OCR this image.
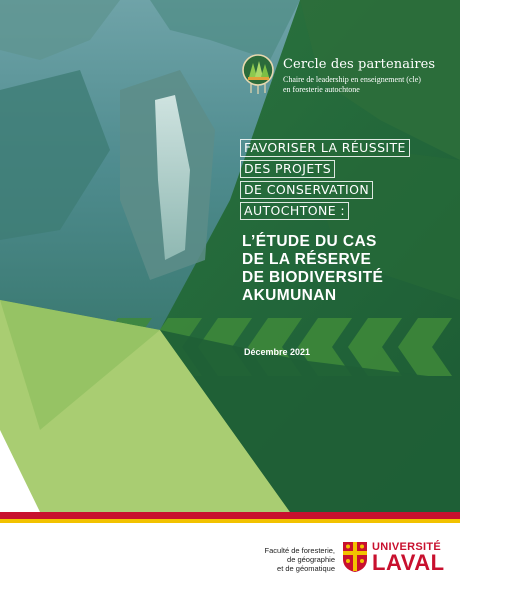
Cercle des partenaires
Chaire de leadership en enseignement (cle)
en foresterie autochtone
FAVORISER LA RÉUSSITE
DES PROJETS
DE CONSERVATION
AUTOCHTONE :
L’ÉTUDE DU CAS
DE LA RÉSERVE
DE BIODIVERSITÉ
AKUMUNAN
Décembre 2021
Faculté de foresterie,
de géographie
et de géomatique
UNIVERSITÉ
LAVAL
